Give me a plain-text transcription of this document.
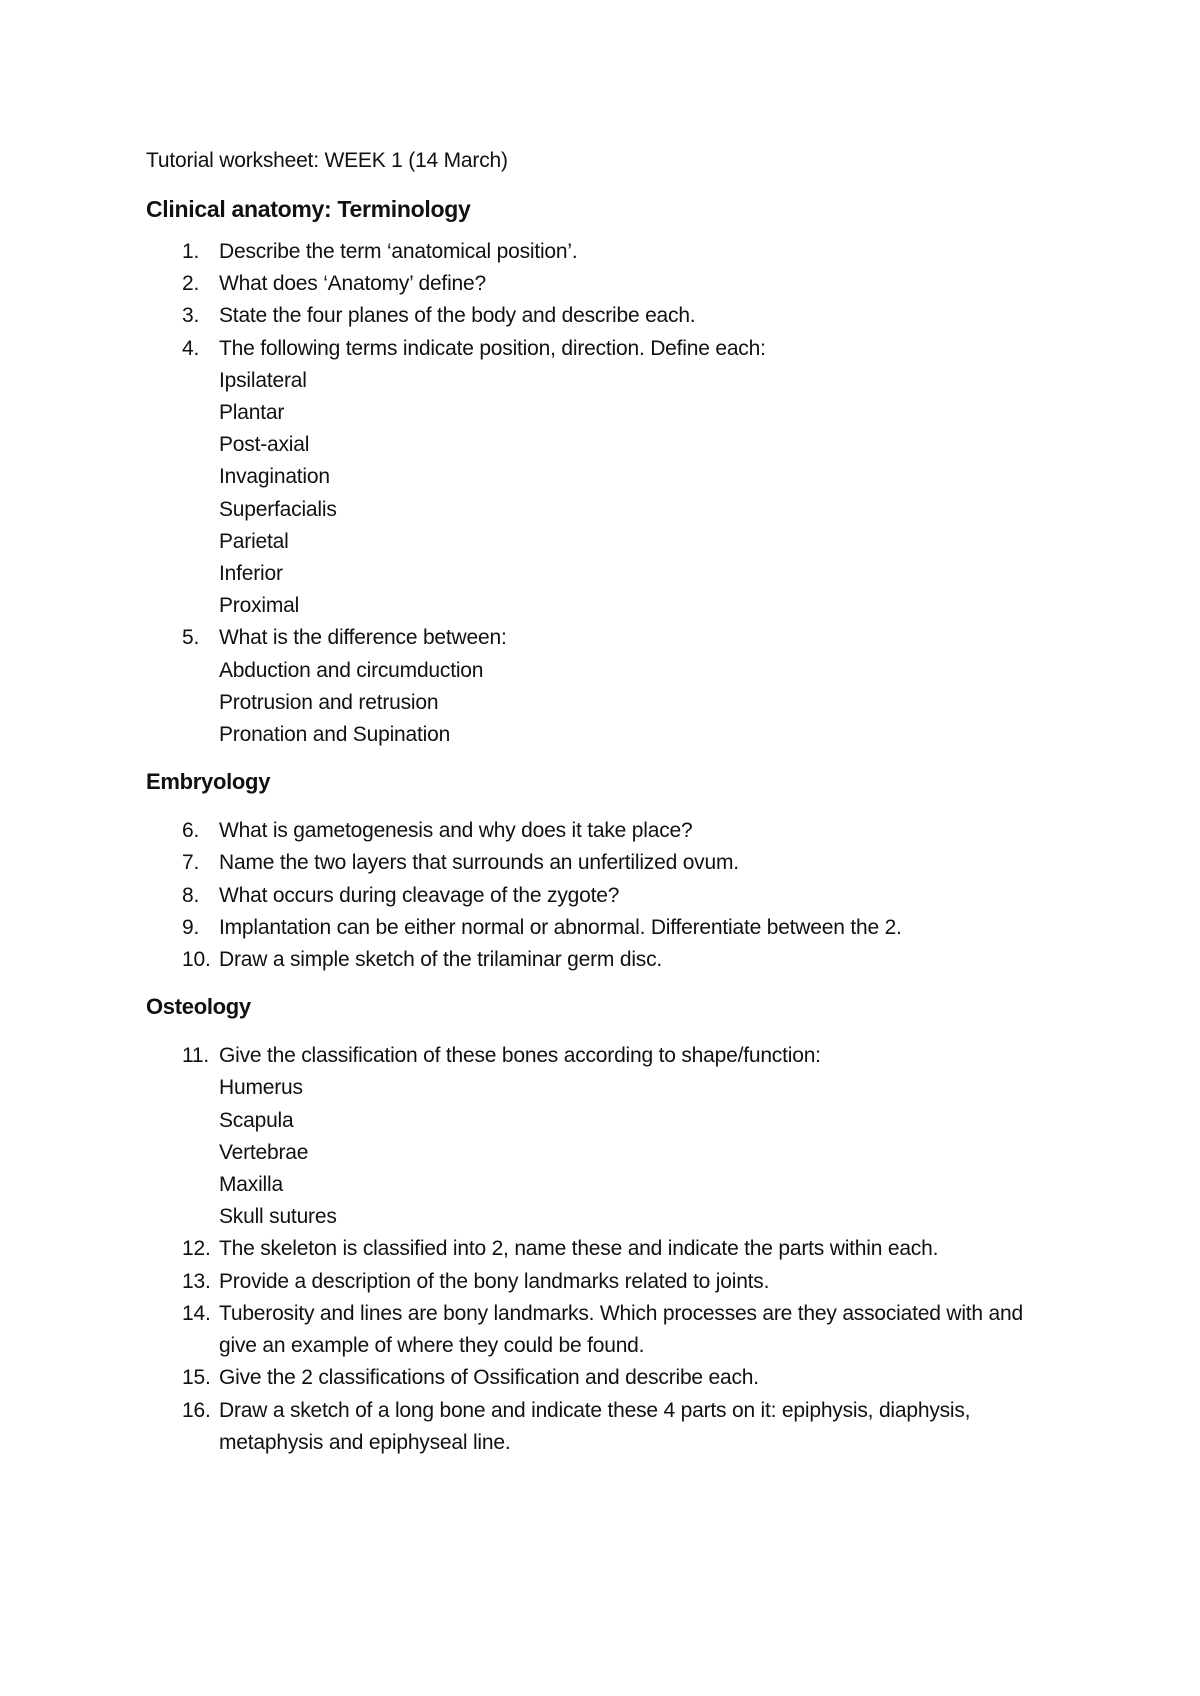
Tutorial worksheet: WEEK 1 (14 March)
Clinical anatomy: Terminology
1. Describe the term ‘anatomical position’.
2. What does ‘Anatomy’ define?
3. State the four planes of the body and describe each.
4. The following terms indicate position, direction. Define each:
Ipsilateral
Plantar
Post-axial
Invagination
Superfacialis
Parietal
Inferior
Proximal
5. What is the difference between:
Abduction and circumduction
Protrusion and retrusion
Pronation and Supination
Embryology
6. What is gametogenesis and why does it take place?
7. Name the two layers that surrounds an unfertilized ovum.
8. What occurs during cleavage of the zygote?
9. Implantation can be either normal or abnormal. Differentiate between the 2.
10. Draw a simple sketch of the trilaminar germ disc.
Osteology
11. Give the classification of these bones according to shape/function:
Humerus
Scapula
Vertebrae
Maxilla
Skull sutures
12. The skeleton is classified into 2, name these and indicate the parts within each.
13. Provide a description of the bony landmarks related to joints.
14. Tuberosity and lines are bony landmarks. Which processes are they associated with and give an example of where they could be found.
15. Give the 2 classifications of Ossification and describe each.
16. Draw a sketch of a long bone and indicate these 4 parts on it: epiphysis, diaphysis, metaphysis and epiphyseal line.
